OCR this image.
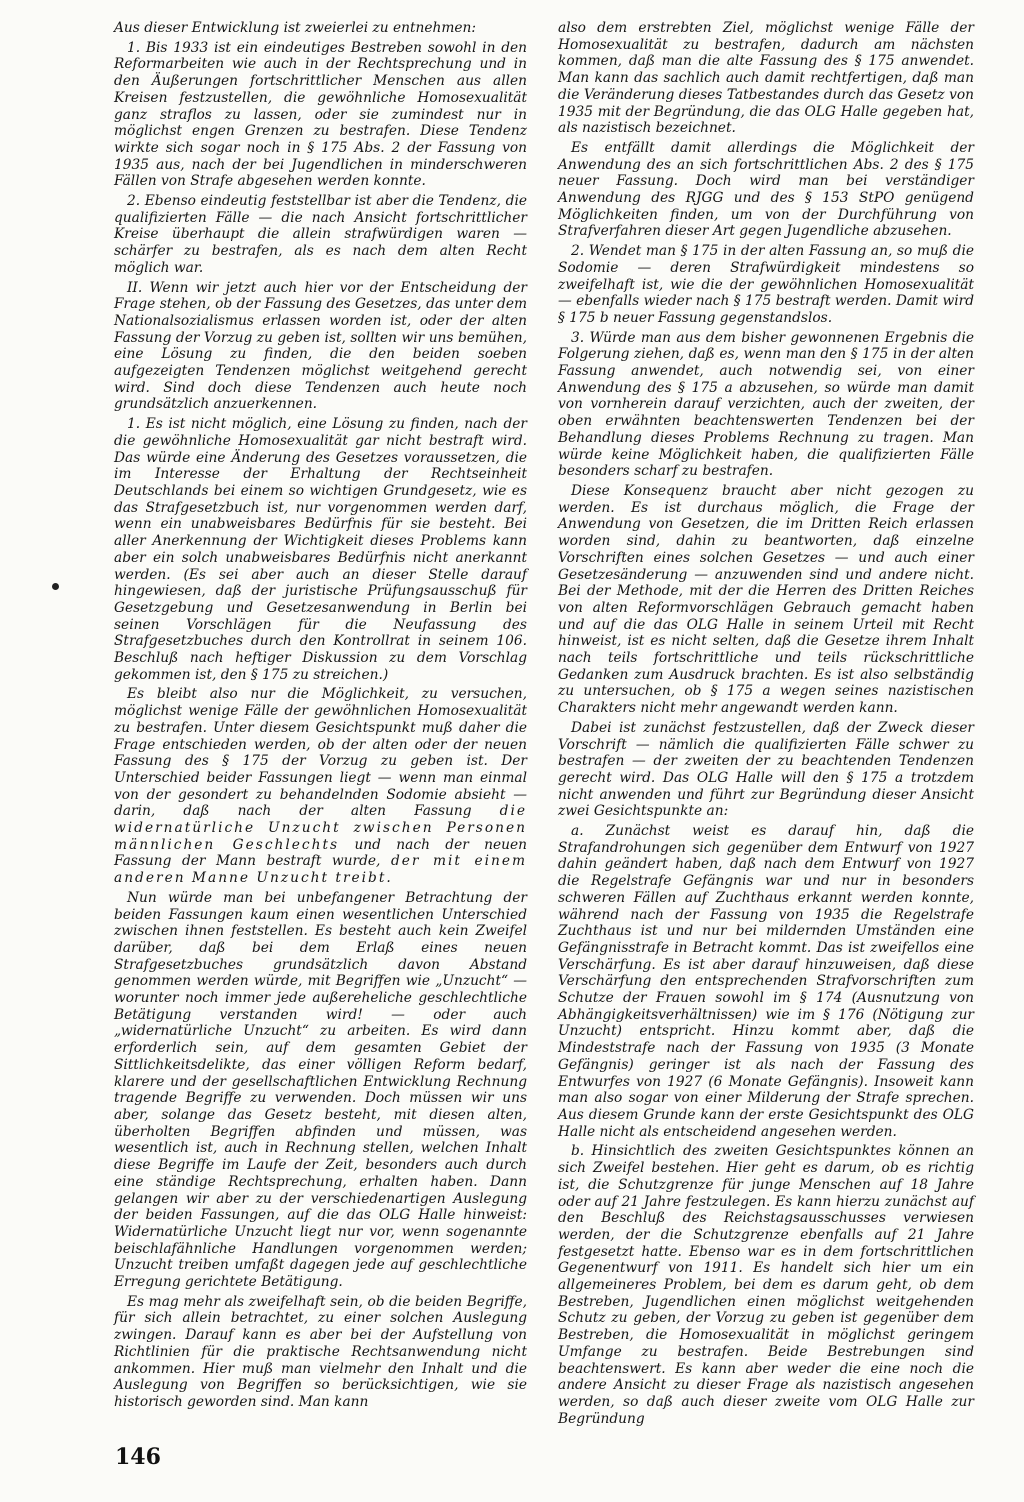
Aus dieser Entwicklung ist zweierlei zu entnehmen:

1. Bis 1933 ist ein eindeutiges Bestreben sowohl in den Reformarbeiten wie auch in der Rechtsprechung und in den Äußerungen fortschrittlicher Menschen aus allen Kreisen festzustellen, die gewöhnliche Homosexualität ganz straflos zu lassen, oder sie zumindest nur in möglichst engen Grenzen zu bestrafen. Diese Tendenz wirkte sich sogar noch in § 175 Abs. 2 der Fassung von 1935 aus, nach der bei Jugendlichen in minderschweren Fällen von Strafe abgesehen werden konnte.

2. Ebenso eindeutig feststellbar ist aber die Tendenz, die qualifizierten Fälle — die nach Ansicht fortschrittlicher Kreise überhaupt die allein strafwürdigen waren — schärfer zu bestrafen, als es nach dem alten Recht möglich war.

II. Wenn wir jetzt auch hier vor der Entscheidung der Frage stehen, ob der Fassung des Gesetzes, das unter dem Nationalsozialismus erlassen worden ist, oder der alten Fassung der Vorzug zu geben ist, sollten wir uns bemühen, eine Lösung zu finden, die den beiden soeben aufgezeigten Tendenzen möglichst weitgehend gerecht wird. Sind doch diese Tendenzen auch heute noch grundsätzlich anzuerkennen.

1. Es ist nicht möglich, eine Lösung zu finden, nach der die gewöhnliche Homosexualität gar nicht bestraft wird. Das würde eine Änderung des Gesetzes voraussetzen, die im Interesse der Erhaltung der Rechtseinheit Deutschlands bei einem so wichtigen Grundgesetz, wie es das Strafgesetzbuch ist, nur vorgenommen werden darf, wenn ein unabweisbares Bedürfnis für sie besteht. Bei aller Anerkennung der Wichtigkeit dieses Problems kann aber ein solch unabweisbares Bedürfnis nicht anerkannt werden. (Es sei aber auch an dieser Stelle darauf hingewiesen, daß der juristische Prüfungsausschuß für Gesetzgebung und Gesetzesanwendung in Berlin bei seinen Vorschlägen für die Neufassung des Strafgesetzbuches durch den Kontrollrat in seinem 106. Beschluß nach heftiger Diskussion zu dem Vorschlag gekommen ist, den § 175 zu streichen.)

Es bleibt also nur die Möglichkeit, zu versuchen, möglichst wenige Fälle der gewöhnlichen Homosexualität zu bestrafen. Unter diesem Gesichtspunkt muß daher die Frage entschieden werden, ob der alten oder der neuen Fassung des § 175 der Vorzug zu geben ist. Der Unterschied beider Fassungen liegt — wenn man einmal von der gesondert zu behandelnden Sodomie absieht — darin, daß nach der alten Fassung die widernatürliche Unzucht zwischen Personen männlichen Geschlechts und nach der neuen Fassung der Mann bestraft wurde, der mit einem anderen Manne Unzucht treibt.

Nun würde man bei unbefangener Betrachtung der beiden Fassungen kaum einen wesentlichen Unterschied zwischen ihnen feststellen. Es besteht auch kein Zweifel darüber, daß bei dem Erlaß eines neuen Strafgesetzbuches grundsätzlich davon Abstand genommen werden würde, mit Begriffen wie „Unzucht“ — worunter noch immer jede außereheliche geschlechtliche Betätigung verstanden wird! — oder auch „widernatürliche Unzucht“ zu arbeiten. Es wird dann erforderlich sein, auf dem gesamten Gebiet der Sittlichkeitsdelikte, das einer völligen Reform bedarf, klarere und der gesellschaftlichen Entwicklung Rechnung tragende Begriffe zu verwenden. Doch müssen wir uns aber, solange das Gesetz besteht, mit diesen alten, überholten Begriffen abfinden und müssen, was wesentlich ist, auch in Rechnung stellen, welchen Inhalt diese Begriffe im Laufe der Zeit, besonders auch durch eine ständige Rechtsprechung, erhalten haben. Dann gelangen wir aber zu der verschiedenartigen Auslegung der beiden Fassungen, auf die das OLG Halle hinweist: Widernatürliche Unzucht liegt nur vor, wenn sogenannte beischlafähnliche Handlungen vorgenommen werden; Unzucht treiben umfaßt dagegen jede auf geschlechtliche Erregung gerichtete Betätigung.

Es mag mehr als zweifelhaft sein, ob die beiden Begriffe, für sich allein betrachtet, zu einer solchen Auslegung zwingen. Darauf kann es aber bei der Aufstellung von Richtlinien für die praktische Rechtsanwendung nicht ankommen. Hier muß man vielmehr den Inhalt und die Auslegung von Begriffen so berücksichtigen, wie sie historisch geworden sind. Man kann

also dem erstrebten Ziel, möglichst wenige Fälle der Homosexualität zu bestrafen, dadurch am nächsten kommen, daß man die alte Fassung des § 175 anwendet. Man kann das sachlich auch damit rechtfertigen, daß man die Veränderung dieses Tatbestandes durch das Gesetz von 1935 mit der Begründung, die das OLG Halle gegeben hat, als nazistisch bezeichnet.

Es entfällt damit allerdings die Möglichkeit der Anwendung des an sich fortschrittlichen Abs. 2 des § 175 neuer Fassung. Doch wird man bei verständiger Anwendung des RJGG und des § 153 StPO genügend Möglichkeiten finden, um von der Durchführung von Strafverfahren dieser Art gegen Jugendliche abzusehen.

2. Wendet man § 175 in der alten Fassung an, so muß die Sodomie — deren Strafwürdigkeit mindestens so zweifelhaft ist, wie die der gewöhnlichen Homosexualität — ebenfalls wieder nach § 175 bestraft werden. Damit wird § 175 b neuer Fassung gegenstandslos.

3. Würde man aus dem bisher gewonnenen Ergebnis die Folgerung ziehen, daß es, wenn man den § 175 in der alten Fassung anwendet, auch notwendig sei, von einer Anwendung des § 175 a abzusehen, so würde man damit von vornherein darauf verzichten, auch der zweiten, der oben erwähnten beachtenswerten Tendenzen bei der Behandlung dieses Problems Rechnung zu tragen. Man würde keine Möglichkeit haben, die qualifizierten Fälle besonders scharf zu bestrafen.

Diese Konsequenz braucht aber nicht gezogen zu werden. Es ist durchaus möglich, die Frage der Anwendung von Gesetzen, die im Dritten Reich erlassen worden sind, dahin zu beantworten, daß einzelne Vorschriften eines solchen Gesetzes — und auch einer Gesetzesänderung — anzuwenden sind und andere nicht. Bei der Methode, mit der die Herren des Dritten Reiches von alten Reformvorschlägen Gebrauch gemacht haben und auf die das OLG Halle in seinem Urteil mit Recht hinweist, ist es nicht selten, daß die Gesetze ihrem Inhalt nach teils fortschrittliche und teils rückschrittliche Gedanken zum Ausdruck brachten. Es ist also selbständig zu untersuchen, ob § 175 a wegen seines nazistischen Charakters nicht mehr angewandt werden kann.

Dabei ist zunächst festzustellen, daß der Zweck dieser Vorschrift — nämlich die qualifizierten Fälle schwer zu bestrafen — der zweiten der zu beachtenden Tendenzen gerecht wird. Das OLG Halle will den § 175 a trotzdem nicht anwenden und führt zur Begründung dieser Ansicht zwei Gesichtspunkte an:

a. Zunächst weist es darauf hin, daß die Strafandrohungen sich gegenüber dem Entwurf von 1927 dahin geändert haben, daß nach dem Entwurf von 1927 die Regelstrafe Gefängnis war und nur in besonders schweren Fällen auf Zuchthaus erkannt werden konnte, während nach der Fassung von 1935 die Regelstrafe Zuchthaus ist und nur bei mildernden Umständen eine Gefängnisstrafe in Betracht kommt. Das ist zweifellos eine Verschärfung. Es ist aber darauf hinzuweisen, daß diese Verschärfung den entsprechenden Strafvorschriften zum Schutze der Frauen sowohl im § 174 (Ausnutzung von Abhängigkeitsverhältnissen) wie im § 176 (Nötigung zur Unzucht) entspricht. Hinzu kommt aber, daß die Mindeststrafe nach der Fassung von 1935 (3 Monate Gefängnis) geringer ist als nach der Fassung des Entwurfes von 1927 (6 Monate Gefängnis). Insoweit kann man also sogar von einer Milderung der Strafe sprechen. Aus diesem Grunde kann der erste Gesichtspunkt des OLG Halle nicht als entscheidend angesehen werden.

b. Hinsichtlich des zweiten Gesichtspunktes können an sich Zweifel bestehen. Hier geht es darum, ob es richtig ist, die Schutzgrenze für junge Menschen auf 18 Jahre oder auf 21 Jahre festzulegen. Es kann hierzu zunächst auf den Beschluß des Reichstagsausschusses verwiesen werden, der die Schutzgrenze ebenfalls auf 21 Jahre festgesetzt hatte. Ebenso war es in dem fortschrittlichen Gegenentwurf von 1911. Es handelt sich hier um ein allgemeineres Problem, bei dem es darum geht, ob dem Bestreben, Jugendlichen einen möglichst weitgehenden Schutz zu geben, der Vorzug zu geben ist gegenüber dem Bestreben, die Homosexualität in möglichst geringem Umfange zu bestrafen. Beide Bestrebungen sind beachtenswert. Es kann aber weder die eine noch die andere Ansicht zu dieser Frage als nazistisch angesehen werden, so daß auch dieser zweite vom OLG Halle zur Begründung

146
